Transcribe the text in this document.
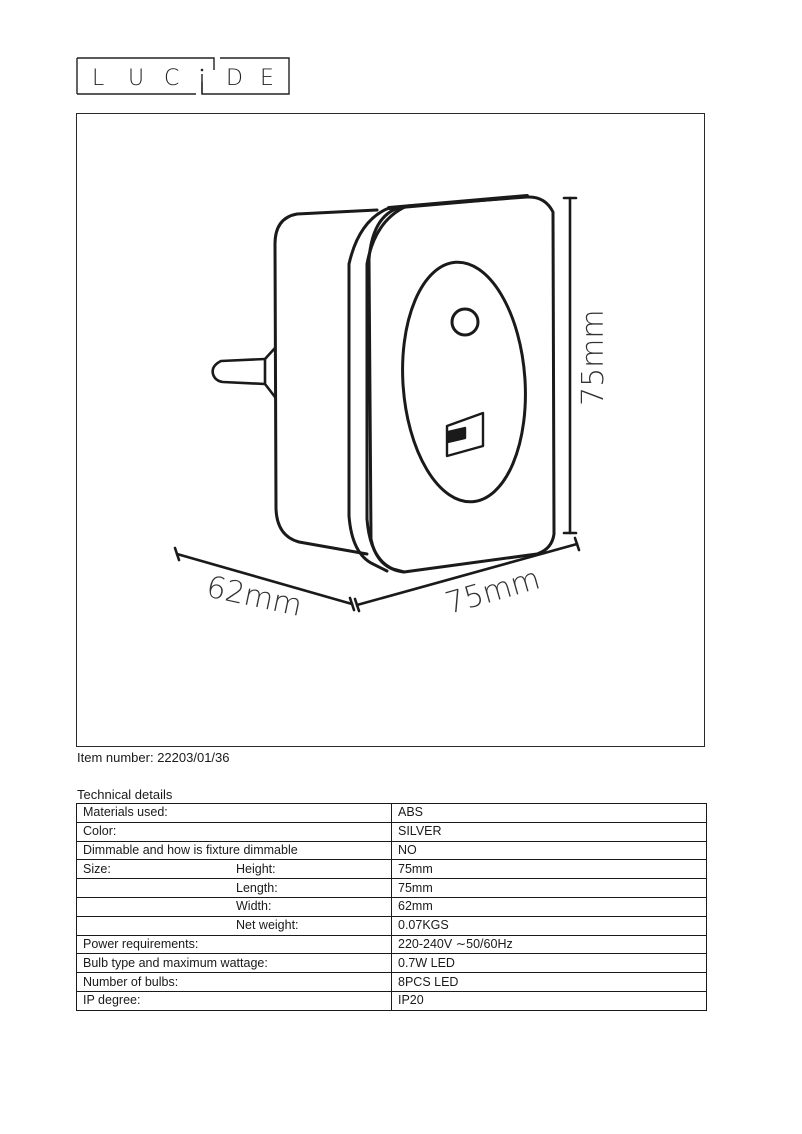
L U C D E
75mm
62mm	75mm
Item number: 22203/01/36
Technical details
Materials used:	ABS
Color:	SILVER
Dimmable and how is fixture dimmable	NO
Size: Height:	75mm
Length:	75mm
Width:	62mm
Net weight:	0.07KGS
Power requirements:	220-240V ∼50/60Hz
Bulb type and maximum wattage:	0.7W LED
Number of bulbs:	8PCS LED
IP degree:	IP20
